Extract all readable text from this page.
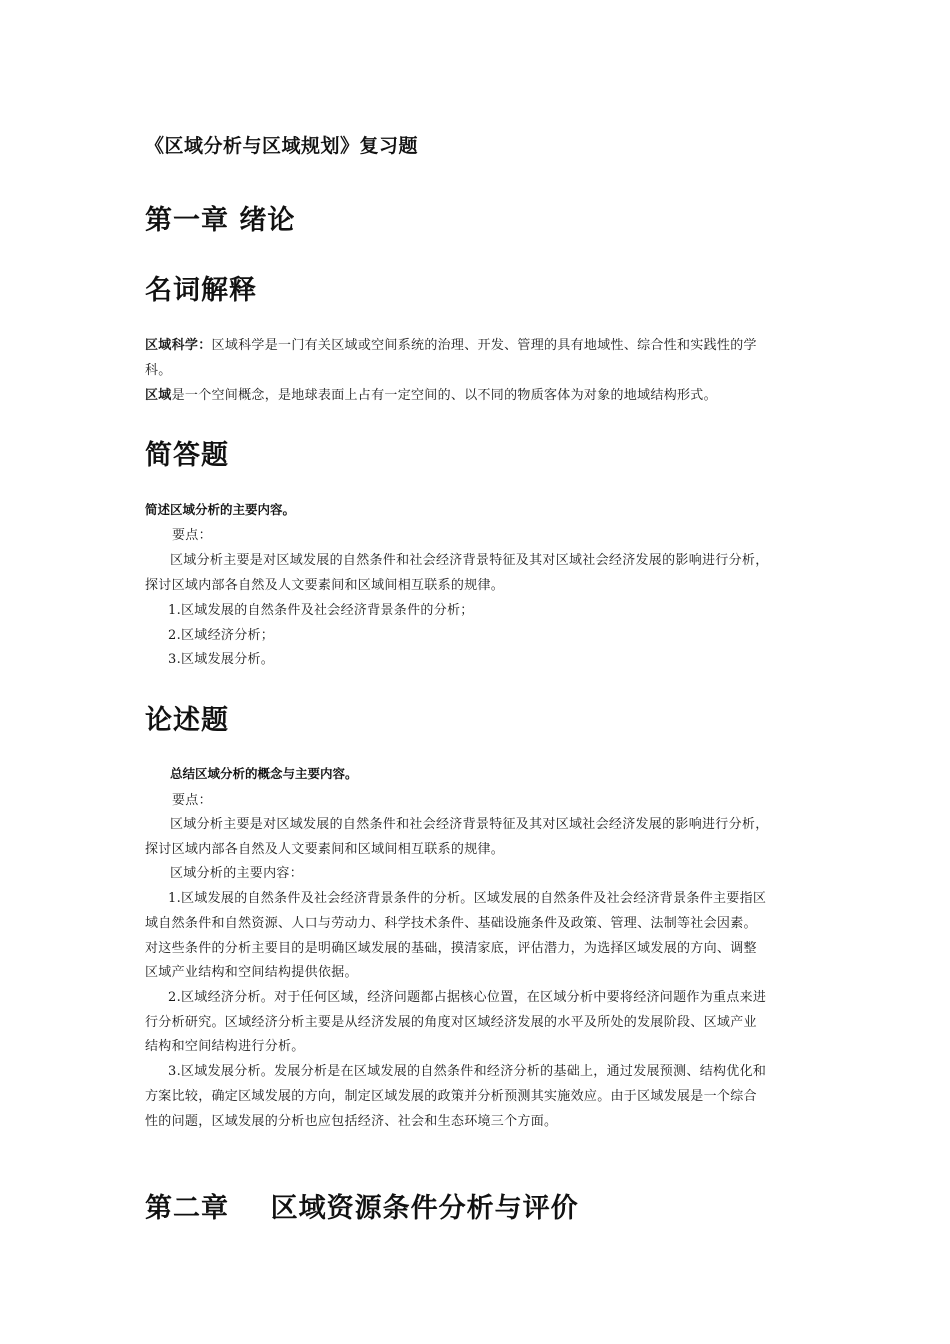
《区域分析与区域规划》复习题
第一章 绪论
名词解释
区域科学：区域科学是一门有关区域或空间系统的治理、开发、管理的具有地域性、综合性和实践性的学
科。
区域是一个空间概念，是地球表面上占有一定空间的、以不同的物质客体为对象的地域结构形式。
简答题
简述区域分析的主要内容。
要点：
区域分析主要是对区域发展的自然条件和社会经济背景特征及其对区域社会经济发展的影响进行分析，
探讨区域内部各自然及人文要素间和区域间相互联系的规律。
1.区域发展的自然条件及社会经济背景条件的分析；
2.区域经济分析；
3.区域发展分析。
论述题
总结区域分析的概念与主要内容。
要点：
区域分析主要是对区域发展的自然条件和社会经济背景特征及其对区域社会经济发展的影响进行分析，
探讨区域内部各自然及人文要素间和区域间相互联系的规律。
区域分析的主要内容：
1.区域发展的自然条件及社会经济背景条件的分析。区域发展的自然条件及社会经济背景条件主要指区
域自然条件和自然资源、人口与劳动力、科学技术条件、基础设施条件及政策、管理、法制等社会因素。
对这些条件的分析主要目的是明确区域发展的基础，摸清家底，评估潜力，为选择区域发展的方向、调整
区域产业结构和空间结构提供依据。
2.区域经济分析。对于任何区域，经济问题都占据核心位置，在区域分析中要将经济问题作为重点来进
行分析研究。区域经济分析主要是从经济发展的角度对区域经济发展的水平及所处的发展阶段、区域产业
结构和空间结构进行分析。
3.区域发展分析。发展分析是在区域发展的自然条件和经济分析的基础上，通过发展预测、结构优化和
方案比较，确定区域发展的方向，制定区域发展的政策并分析预测其实施效应。由于区域发展是一个综合
性的问题，区域发展的分析也应包括经济、社会和生态环境三个方面。
第二章    区域资源条件分析与评价
